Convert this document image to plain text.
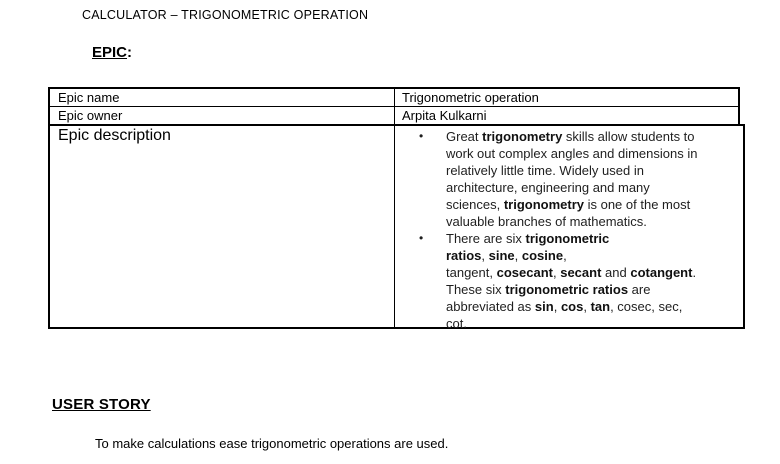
CALCULATOR – TRIGONOMETRIC OPERATION
EPIC:
Epic name	Trigonometric operation
Epic owner	Arpita Kulkarni
Epic description	•	Great trigonometry skills allow students to
work out complex angles and dimensions in
relatively little time. Widely used in
architecture, engineering and many
sciences, trigonometry is one of the most
valuable branches of mathematics.
•	There are six trigonometric
ratios, sine, cosine,
tangent, cosecant, secant and cotangent.
These six trigonometric ratios are
abbreviated as sin, cos, tan, cosec, sec,
cot.
USER STORY
To make calculations ease trigonometric operations are used.
